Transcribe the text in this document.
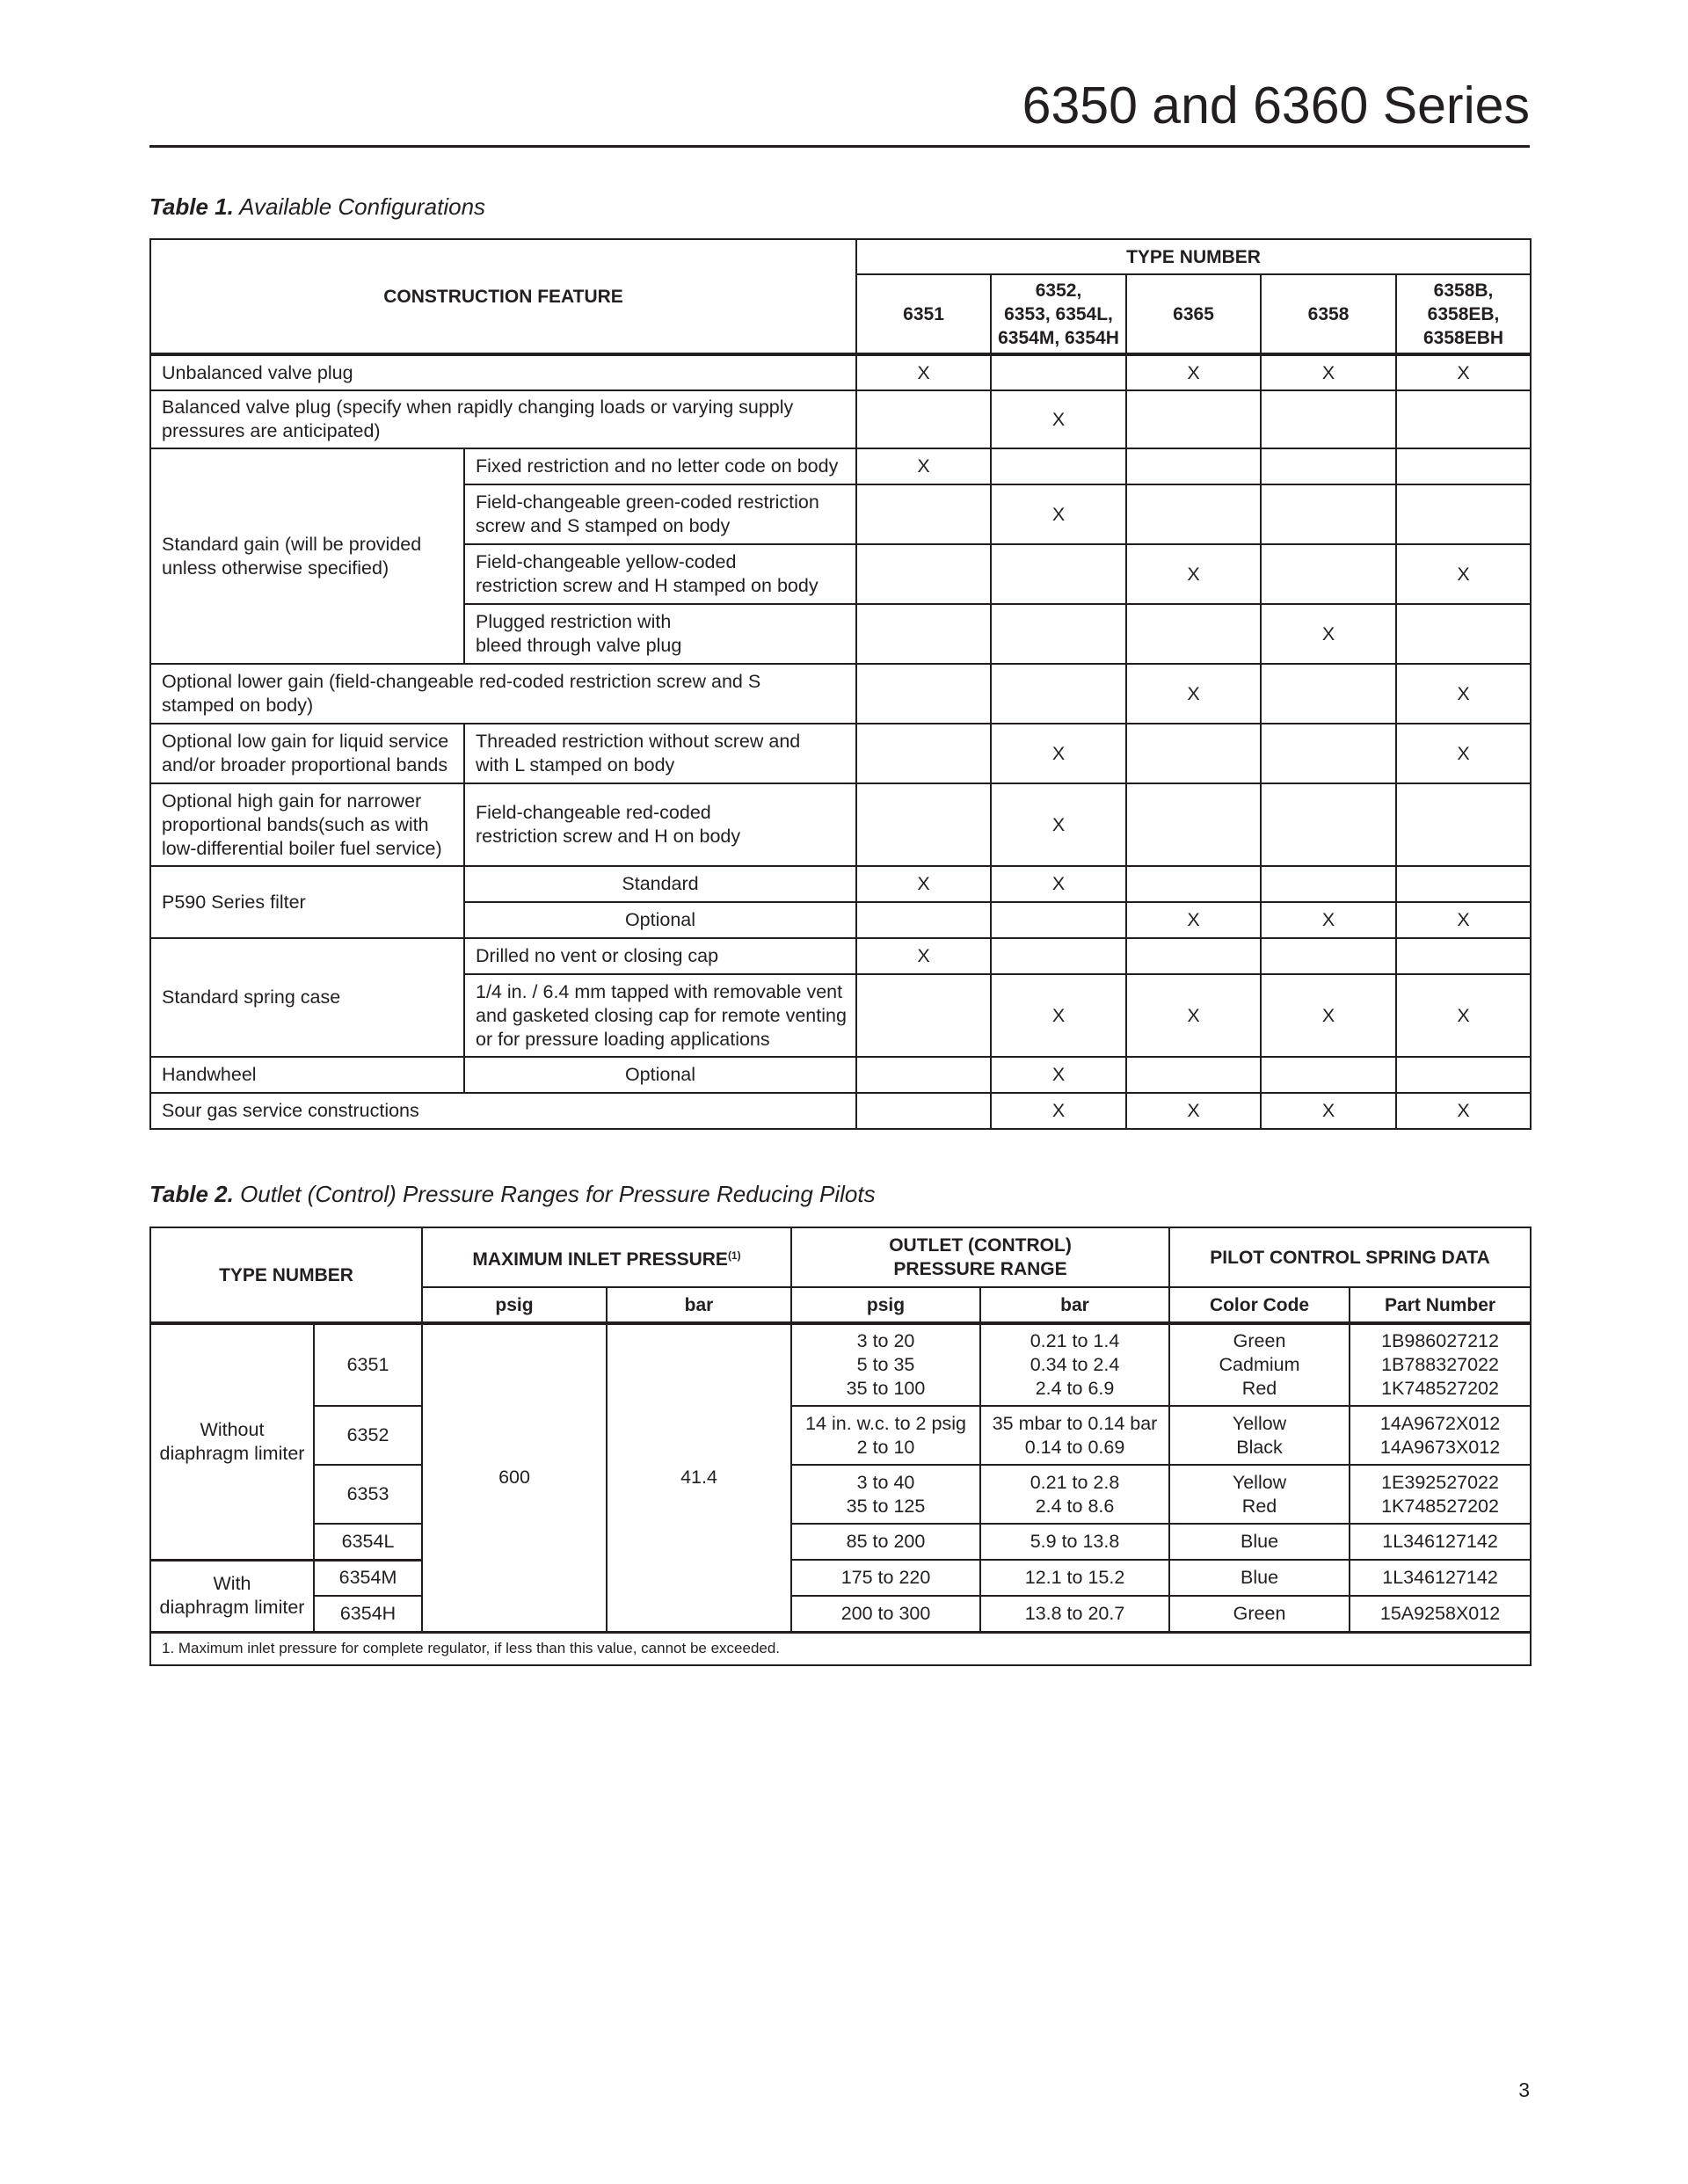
6350 and 6360 Series
Table 1. Available Configurations
CONSTRUCTION FEATURE		TYPE NUMBER				
		6351	6352,
6353, 6354L,
6354M, 6354H	6365	6358	6358B,
6358EB,
6358EBH
Unbalanced valve plug		X		X	X	X
Balanced valve plug (specify when rapidly changing loads or varying supply pressures are anticipated)			X			
Standard gain (will be provided unless otherwise specified)	Fixed restriction and no letter code on body	X				
	Field-changeable green-coded restriction screw and S stamped on body		X			
	Field-changeable yellow-coded restriction screw and H stamped on body			X		X
	Plugged restriction with bleed through valve plug				X	
Optional lower gain (field-changeable red-coded restriction screw and S stamped on body)				X		X
Optional low gain for liquid service and/or broader proportional bands	Threaded restriction without screw and with L stamped on body		X			X
Optional high gain for narrower proportional bands(such as with low-differential boiler fuel service)	Field-changeable red-coded restriction screw and H on body		X			
P590 Series filter	Standard	X	X			
	Optional			X	X	X
Standard spring case	Drilled no vent or closing cap	X				
	1/4 in. / 6.4 mm tapped with removable vent and gasketed closing cap for remote venting or for pressure loading applications		X	X	X	X
Handwheel	Optional		X			
Sour gas service constructions			X	X	X	X
Table 2. Outlet (Control) Pressure Ranges for Pressure Reducing Pilots
TYPE NUMBER		MAXIMUM INLET PRESSURE$^{(1)}$		OUTLET (CONTROL)
PRESSURE RANGE		PILOT CONTROL SPRING DATA	
		psig	bar	psig	bar	Color Code	Part Number
Without
diaphragm limiter	6351	600	41.4	3 to 20
5 to 35
35 to 100	0.21 to 1.4
0.34 to 2.4
2.4 to 6.9	Green
Cadmium
Red	1B986027212
1B788327022
1K748527202
	6352			14 in. w.c. to 2 psig
2 to 10	35 mbar to 0.14 bar
0.14 to 0.69	Yellow
Black	14A9672X012
14A9673X012
	6353			3 to 40
35 to 125	0.21 to 2.8
2.4 to 8.6	Yellow
Red	1E392527022
1K748527202
	6354L			85 to 200	5.9 to 13.8	Blue	1L346127142
With
diaphragm limiter	6354M			175 to 220	12.1 to 15.2	Blue	1L346127142
	6354H			200 to 300	13.8 to 20.7	Green	15A9258X012
1. Maximum inlet pressure for complete regulator, if less than this value, cannot be exceeded.							
3
